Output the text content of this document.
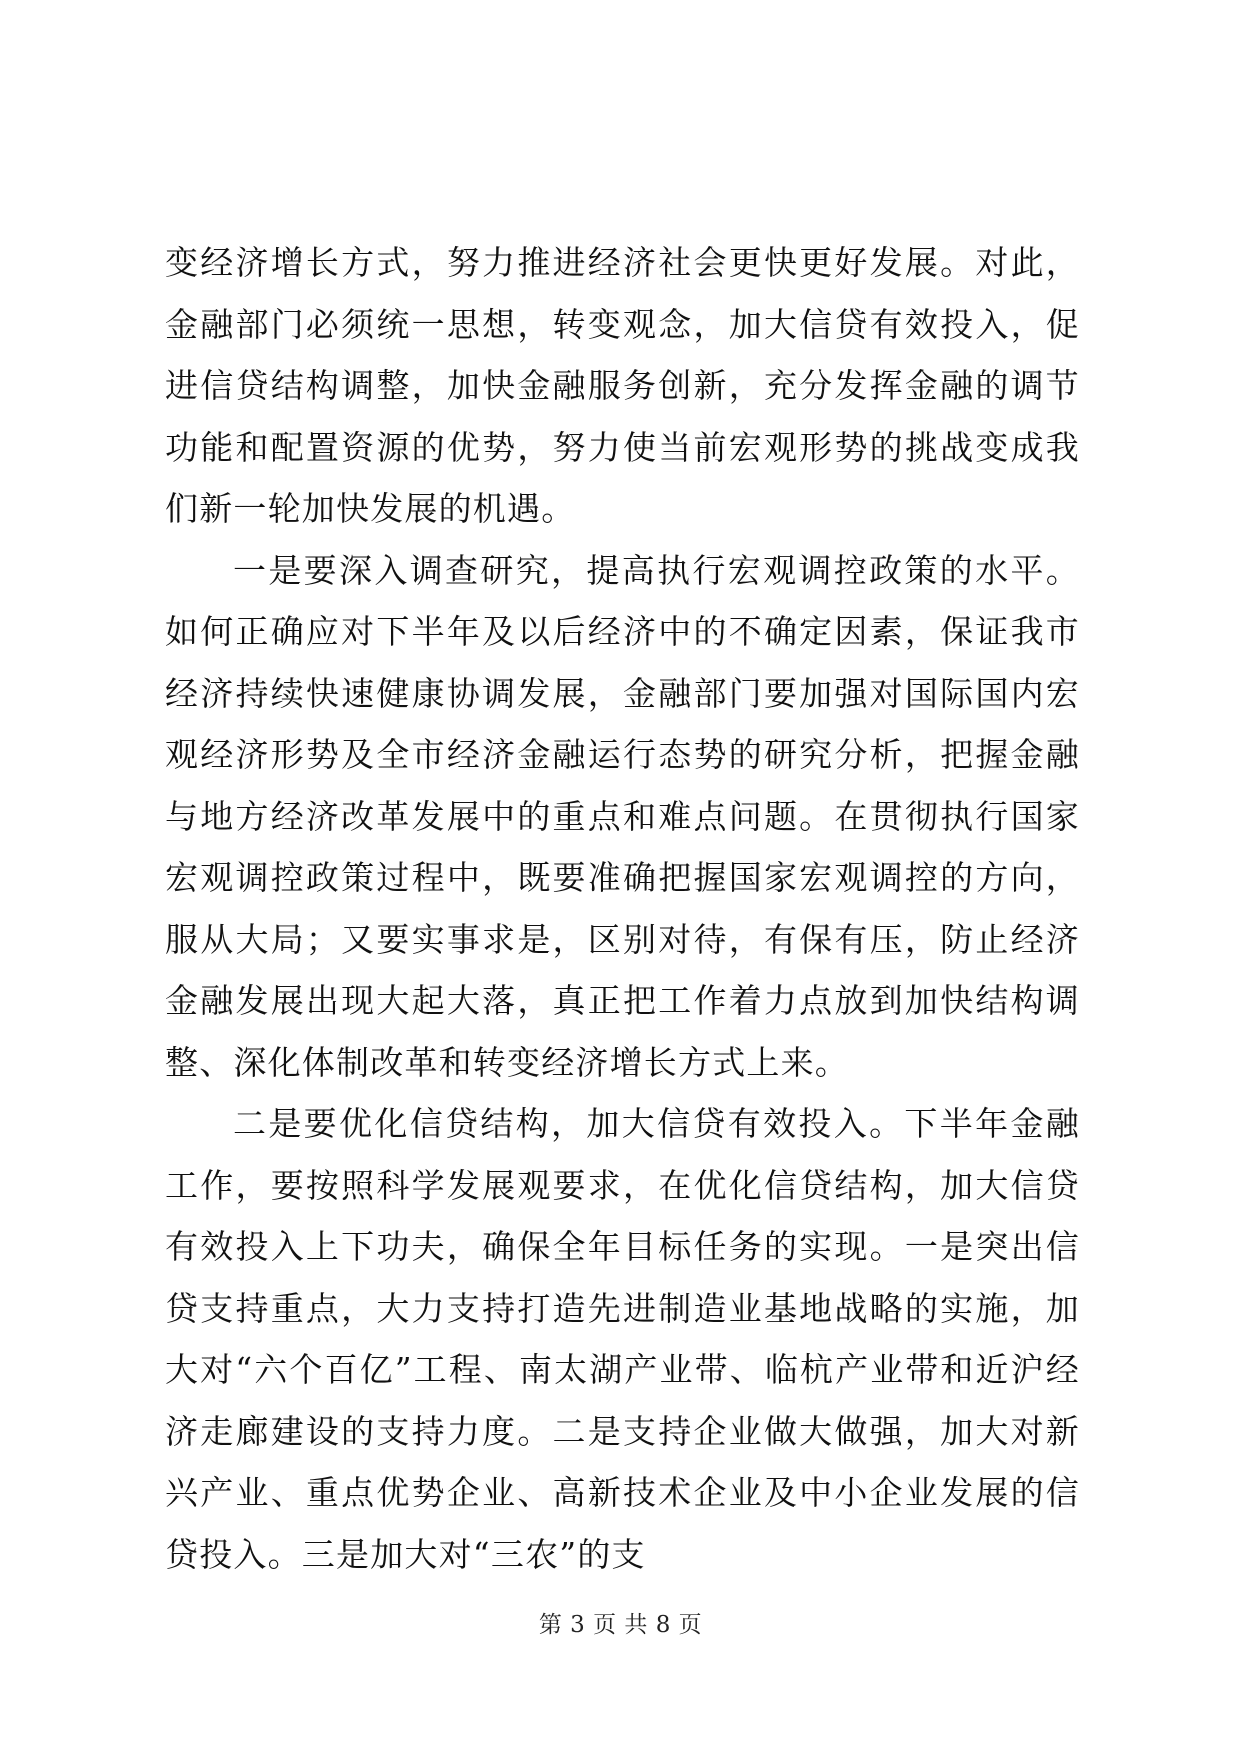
变经济增长方式，努力推进经济社会更快更好发展。对此，金融部门必须统一思想，转变观念，加大信贷有效投入，促进信贷结构调整，加快金融服务创新，充分发挥金融的调节功能和配置资源的优势，努力使当前宏观形势的挑战变成我们新一轮加快发展的机遇。

一是要深入调查研究，提高执行宏观调控政策的水平。如何正确应对下半年及以后经济中的不确定因素，保证我市经济持续快速健康协调发展，金融部门要加强对国际国内宏观经济形势及全市经济金融运行态势的研究分析，把握金融与地方经济改革发展中的重点和难点问题。在贯彻执行国家宏观调控政策过程中，既要准确把握国家宏观调控的方向，服从大局；又要实事求是，区别对待，有保有压，防止经济金融发展出现大起大落，真正把工作着力点放到加快结构调整、深化体制改革和转变经济增长方式上来。

二是要优化信贷结构，加大信贷有效投入。下半年金融工作，要按照科学发展观要求，在优化信贷结构，加大信贷有效投入上下功夫，确保全年目标任务的实现。一是突出信贷支持重点，大力支持打造先进制造业基地战略的实施，加大对“六个百亿”工程、南太湖产业带、临杭产业带和近沪经济走廊建设的支持力度。二是支持企业做大做强，加大对新兴产业、重点优势企业、高新技术企业及中小企业发展的信贷投入。三是加大对“三农”的支

第 3 页 共 8 页
